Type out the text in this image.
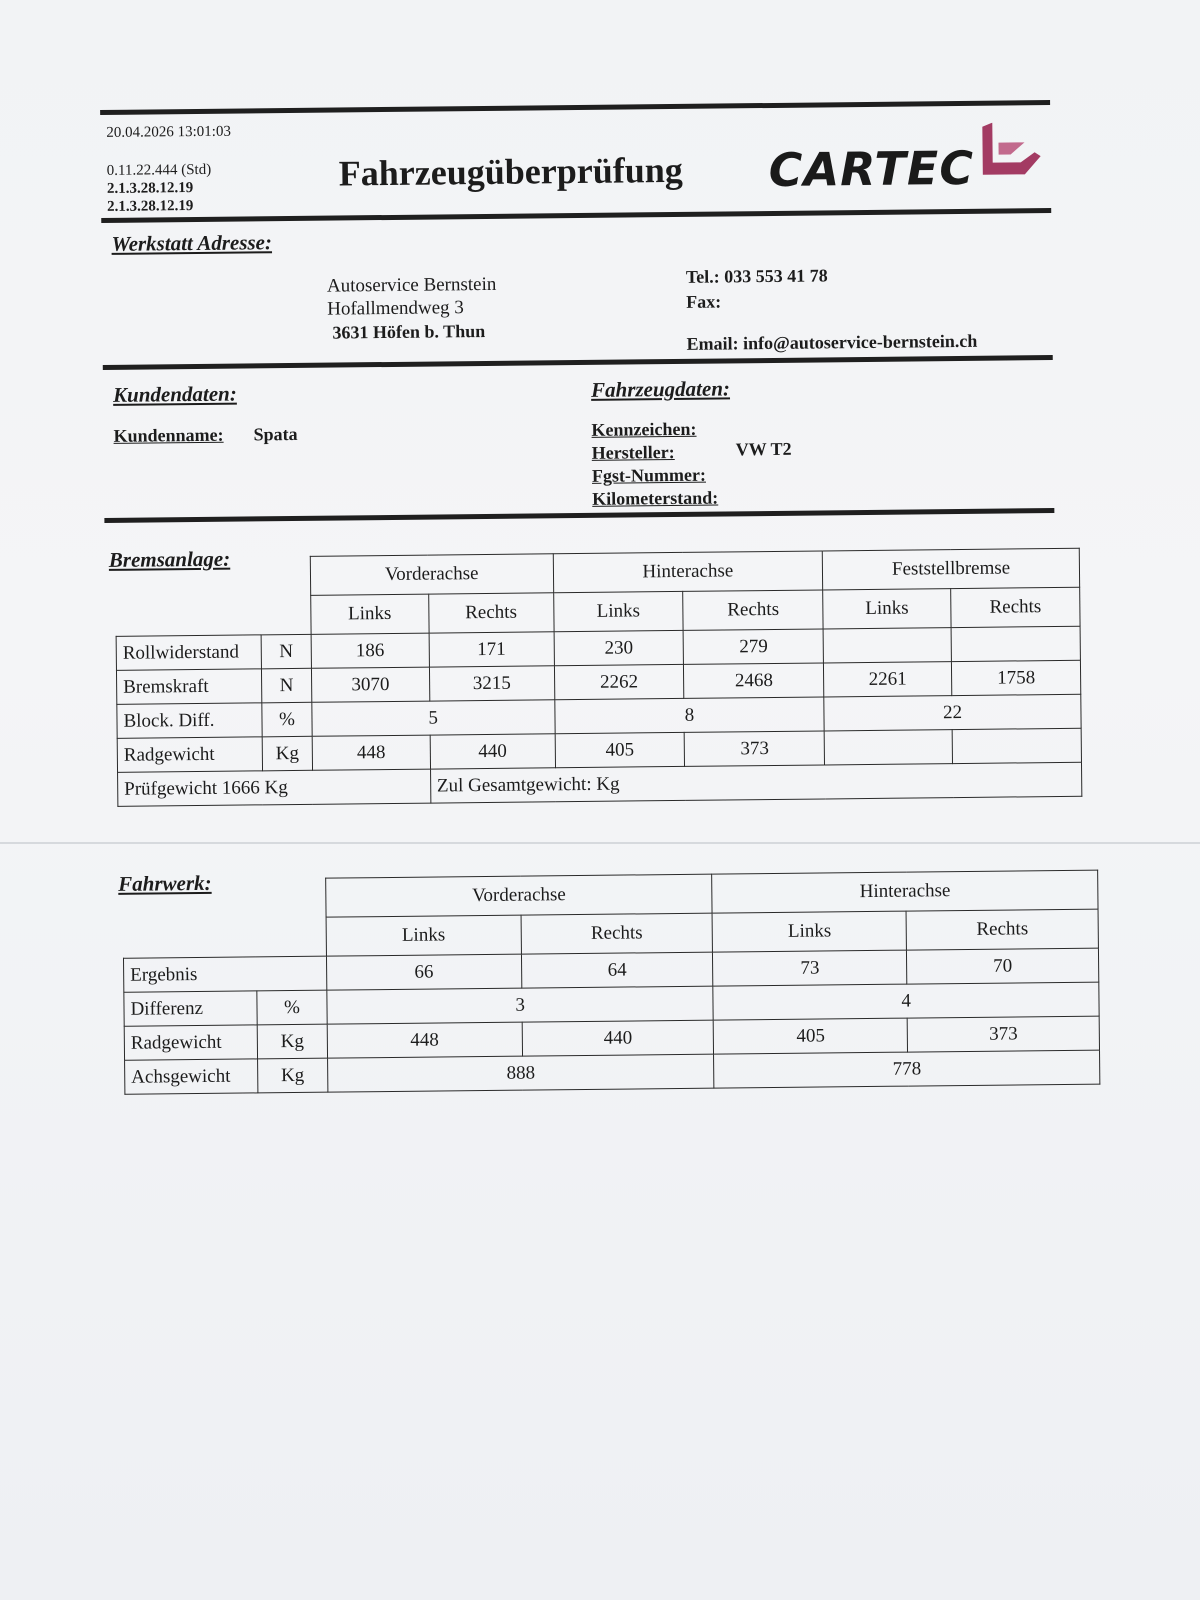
20.04.2026 13:01:03
0.11.22.444 (Std)
2.1.3.28.12.19
2.1.3.28.12.19
Fahrzeugüberprüfung CARTEC
Werkstatt Adresse:
Autoservice Bernstein
Hofallmendweg 3
3631 Höfen b. Thun
Tel.: 033 553 41 78
Fax:
Email: info@autoservice-bernstein.ch
Kundendaten:
Kundenname: Spata
Fahrzeugdaten:
Kennzeichen:
Hersteller:	VW T2
Fgst-Nummer:
Kilometerstand:
Bremsanlage:
		Vorderachse		Hinterachse		Feststellbremse	
		Links	Rechts	Links	Rechts	Links	Rechts
Rollwiderstand	N	186	171	230	279		
Bremskraft	N	3070	3215	2262	2468	2261	1758
Block. Diff.	%	5		8		22	
Radgewicht	Kg	448	440	405	373		
Prüfgewicht 1666 Kg			Zul Gesamtgewicht: Kg				
Fahrwerk:
		Vorderachse		Hinterachse	
		Links	Rechts	Links	Rechts
Ergebnis		66	64	73	70
Differenz	%	3		4	
Radgewicht	Kg	448	440	405	373
Achsgewicht	Kg	888		778	
